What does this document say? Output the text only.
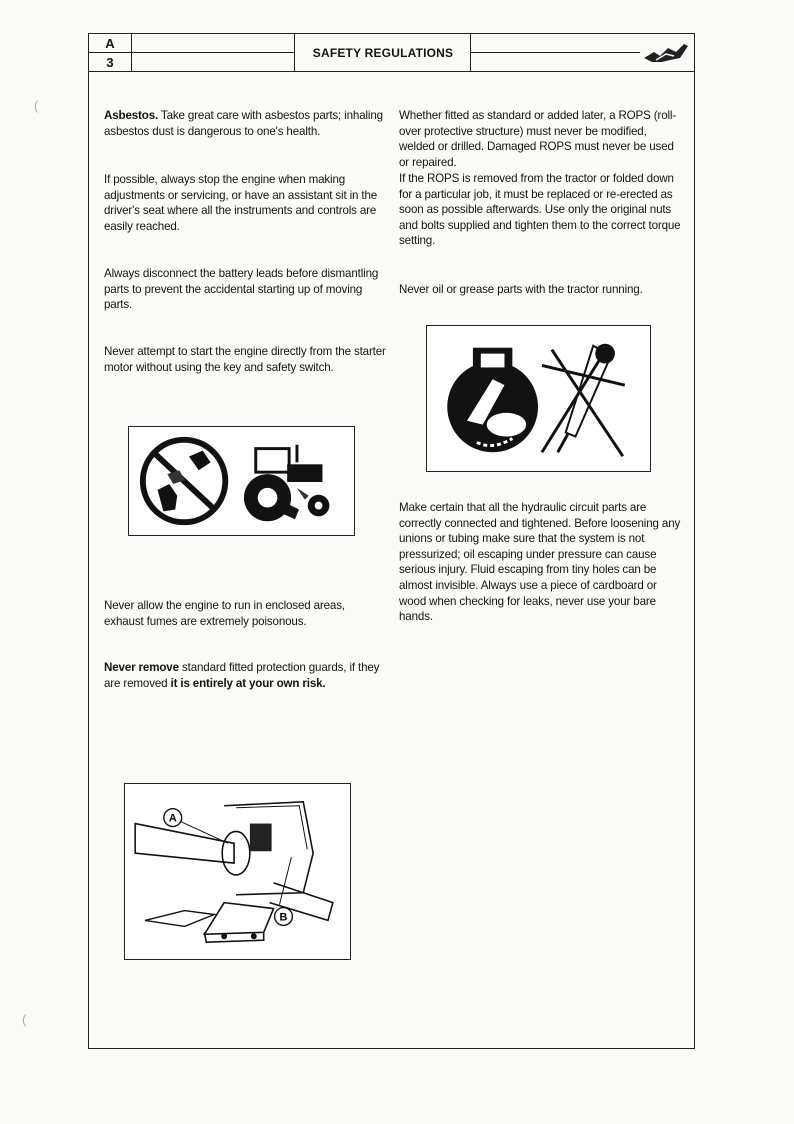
A
3
SAFETY REGULATIONS
Asbestos. Take great care with asbestos parts; inhaling asbestos dust is dangerous to one's health.
If possible, always stop the engine when making adjustments or servicing, or have an assistant sit in the driver's seat where all the instruments and controls are easily reached.
Always disconnect the battery leads before dismantling parts to prevent the accidental starting up of moving parts.
Never attempt to start the engine directly from the starter motor without using the key and safety switch.
Never allow the engine to run in enclosed areas, exhaust fumes are extremely poisonous.
Never remove standard fitted protection guards, if they are removed it is entirely at your own risk.
A
B
Whether fitted as standard or added later, a ROPS (roll-over protective structure) must never be modified, welded or drilled. Damaged ROPS must never be used or repaired.
If the ROPS is removed from the tractor or folded down for a particular job, it must be replaced or re-erected as soon as possible afterwards. Use only the original nuts and bolts supplied and tighten them to the correct torque setting.
Never oil or grease parts with the tractor running.
Make certain that all the hydraulic circuit parts are correctly connected and tightened. Before loosening any unions or tubing make sure that the system is not pressurized; oil escaping under pressure can cause serious injury. Fluid escaping from tiny holes can be almost invisible. Always use a piece of cardboard or wood when checking for leaks, never use your bare hands.
(
(
